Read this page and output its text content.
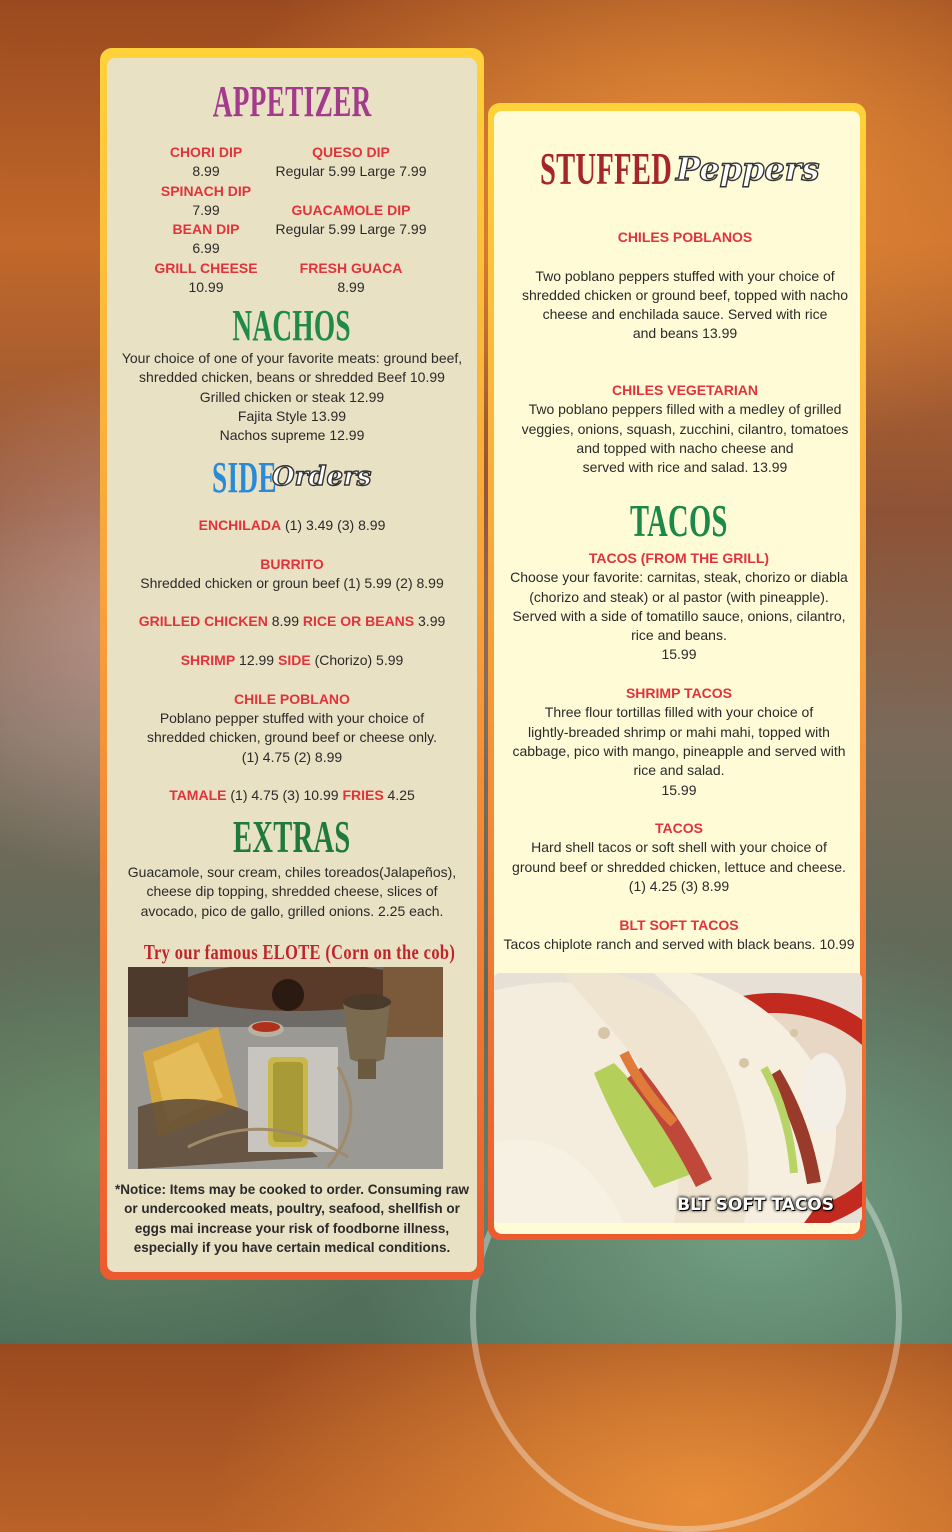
APPETIZER
CHORI DIP
8.99
SPINACH DIP
7.99
BEAN DIP
6.99
GRILL CHEESE
10.99
QUESO DIP
Regular 5.99 Large 7.99
GUACAMOLE DIP
Regular 5.99 Large 7.99
FRESH GUACA
8.99
NACHOS
Your choice of one of your favorite meats: ground beef,
shredded chicken, beans or shredded Beef 10.99
Grilled chicken or steak 12.99
Fajita Style 13.99
Nachos supreme 12.99
SIDE
Orders
ENCHILADA (1) 3.49 (3) 8.99
BURRITO
Shredded chicken or groun beef (1) 5.99 (2) 8.99
GRILLED CHICKEN 8.99 RICE OR BEANS 3.99
SHRIMP 12.99 SIDE (Chorizo) 5.99
CHILE POBLANO
Poblano pepper stuffed with your choice of
shredded chicken, ground beef or cheese only.
(1) 4.75 (2) 8.99
TAMALE (1) 4.75 (3) 10.99 FRIES 4.25
EXTRAS
Guacamole, sour cream, chiles toreados(Jalapeños),
cheese dip topping, shredded cheese, slices of
avocado, pico de gallo, grilled onions. 2.25 each.
Try our famous ELOTE (Corn on the cob)
*Notice: Items may be cooked to order. Consuming raw
or undercooked meats, poultry, seafood, shellfish or
eggs mai increase your risk of foodborne illness,
especially if you have certain medical conditions.
STUFFED Peppers
CHILES POBLANOS
Two poblano peppers stuffed with your choice of
shredded chicken or ground beef, topped with nacho
cheese and enchilada sauce. Served with rice
and beans 13.99
CHILES VEGETARIAN
Two poblano peppers filled with a medley of grilled
veggies, onions, squash, zucchini, cilantro, tomatoes
and topped with nacho cheese and
served with rice and salad. 13.99
TACOS
TACOS (FROM THE GRILL)
Choose your favorite: carnitas, steak, chorizo or diabla
(chorizo and steak) or al pastor (with pineapple).
Served with a side of tomatillo sauce, onions, cilantro,
rice and beans.
15.99
SHRIMP TACOS
Three flour tortillas filled with your choice of
lightly-breaded shrimp or mahi mahi, topped with
cabbage, pico with mango, pineapple and served with
rice and salad.
15.99
TACOS
Hard shell tacos or soft shell with your choice of
ground beef or shredded chicken, lettuce and cheese.
(1) 4.25 (3) 8.99
BLT SOFT TACOS
Tacos chiplote ranch and served with black beans. 10.99
BLT SOFT TACOS
